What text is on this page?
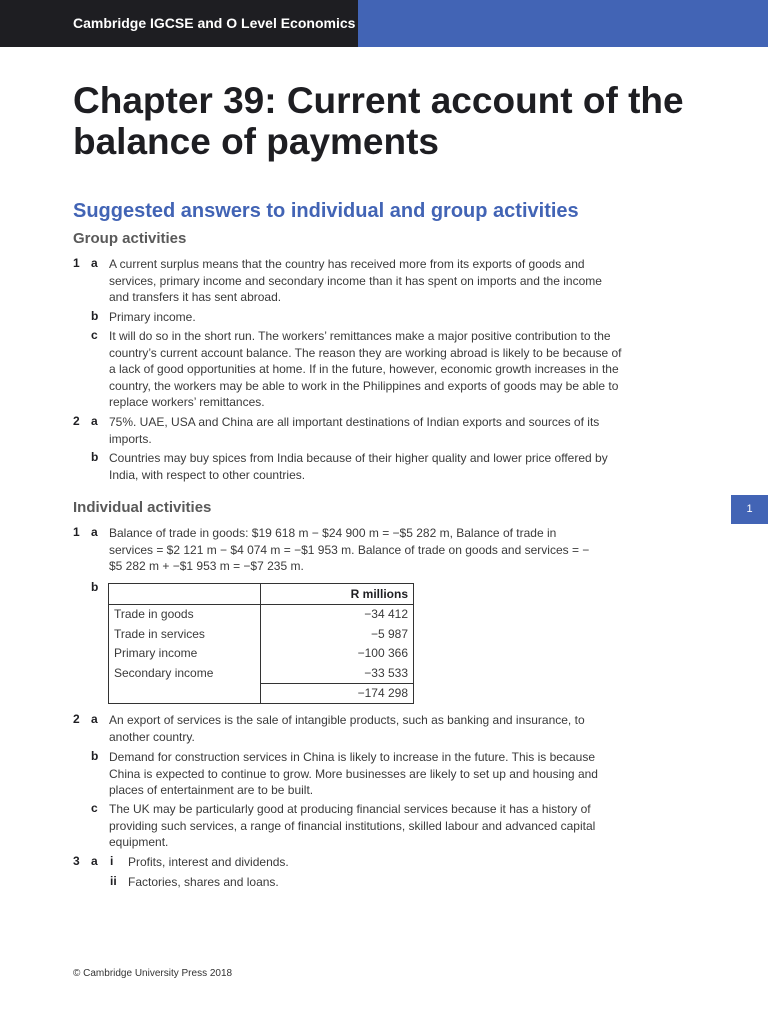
Cambridge IGCSE and O Level Economics
Chapter 39: Current account of the balance of payments
Suggested answers to individual and group activities
Group activities
1 a A current surplus means that the country has received more from its exports of goods and services, primary income and secondary income than it has spent on imports and the income and transfers it has sent abroad.
b Primary income.
c It will do so in the short run. The workers’ remittances make a major positive contribution to the country’s current account balance. The reason they are working abroad is likely to be because of a lack of good opportunities at home. If in the future, however, economic growth increases in the country, the workers may be able to work in the Philippines and exports of goods may be able to replace workers’ remittances.
2 a 75%. UAE, USA and China are all important destinations of Indian exports and sources of its imports.
b Countries may buy spices from India because of their higher quality and lower price offered by India, with respect to other countries.
Individual activities
1 a Balance of trade in goods: $19 618 m − $24 900 m = −$5 282 m, Balance of trade in services = $2 121 m − $4 074 m = −$1 953 m. Balance of trade on goods and services = −$5 282 m + −$1 953 m = −$7 235 m.
b
		R millions
Trade in goods	−34 412
Trade in services	−5 987
Primary income	−100 366
Secondary income	−33 533
	−174 298
2 a An export of services is the sale of intangible products, such as banking and insurance, to another country.
b Demand for construction services in China is likely to increase in the future. This is because China is expected to continue to grow. More businesses are likely to set up and housing and places of entertainment are to be built.
c The UK may be particularly good at producing financial services because it has a history of providing such services, a range of financial institutions, skilled labour and advanced capital equipment.
3 a i Profits, interest and dividends.
ii Factories, shares and loans.
1
© Cambridge University Press 2018
